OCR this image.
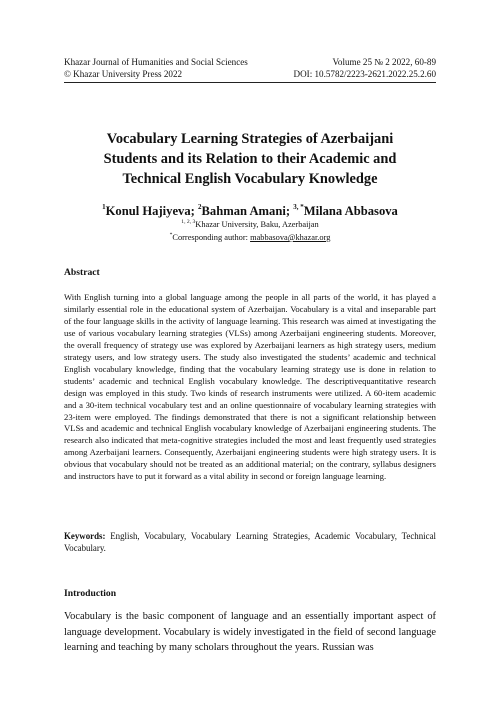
Khazar Journal of Humanities and Social Sciences	Volume 25 № 2 2022, 60-89
© Khazar University Press 2022	DOI: 10.5782/2223-2621.2022.25.2.60
Vocabulary Learning Strategies of Azerbaijani
Students and its Relation to their Academic and
Technical English Vocabulary Knowledge
$^1$Konul Hajiyeva; $^2$Bahman Amani; $^{3, *}$Milana Abbasova
$^{1, 2, 3}$Khazar University, Baku, Azerbaijan
*Corresponding author: mabbasova@khazar.org
Abstract
With English turning into a global language among the people in all parts of the world, it has played a similarly essential role in the educational system of Azerbaijan. Vocabulary is a vital and inseparable part of the four language skills in the activity of language learning. This research was aimed at investigating the use of various vocabulary learning strategies (VLSs) among Azerbaijani engineering students. Moreover, the overall frequency of strategy use was explored by Azerbaijani learners as high strategy users, medium strategy users, and low strategy users. The study also investigated the students’ academic and technical English vocabulary knowledge, finding that the vocabulary learning strategy use is done in relation to students’ academic and technical English vocabulary knowledge. The descriptivequantitative research design was employed in this study. Two kinds of research instruments were utilized. A 60-item academic and a 30-item technical vocabulary test and an online questionnaire of vocabulary learning strategies with 23-item were employed. The findings demonstrated that there is not a significant relationship between VLSs and academic and technical English vocabulary knowledge of Azerbaijani engineering students. The research also indicated that meta-cognitive strategies included the most and least frequently used strategies among Azerbaijani learners. Consequently, Azerbaijani engineering students were high strategy users. It is obvious that vocabulary should not be treated as an additional material; on the contrary, syllabus designers and instructors have to put it forward as a vital ability in second or foreign language learning.
Keywords: English, Vocabulary, Vocabulary Learning Strategies, Academic Vocabulary, Technical Vocabulary.
Introduction
Vocabulary is the basic component of language and an essentially important aspect of language development. Vocabulary is widely investigated in the field of second language learning and teaching by many scholars throughout the years. Russian was
